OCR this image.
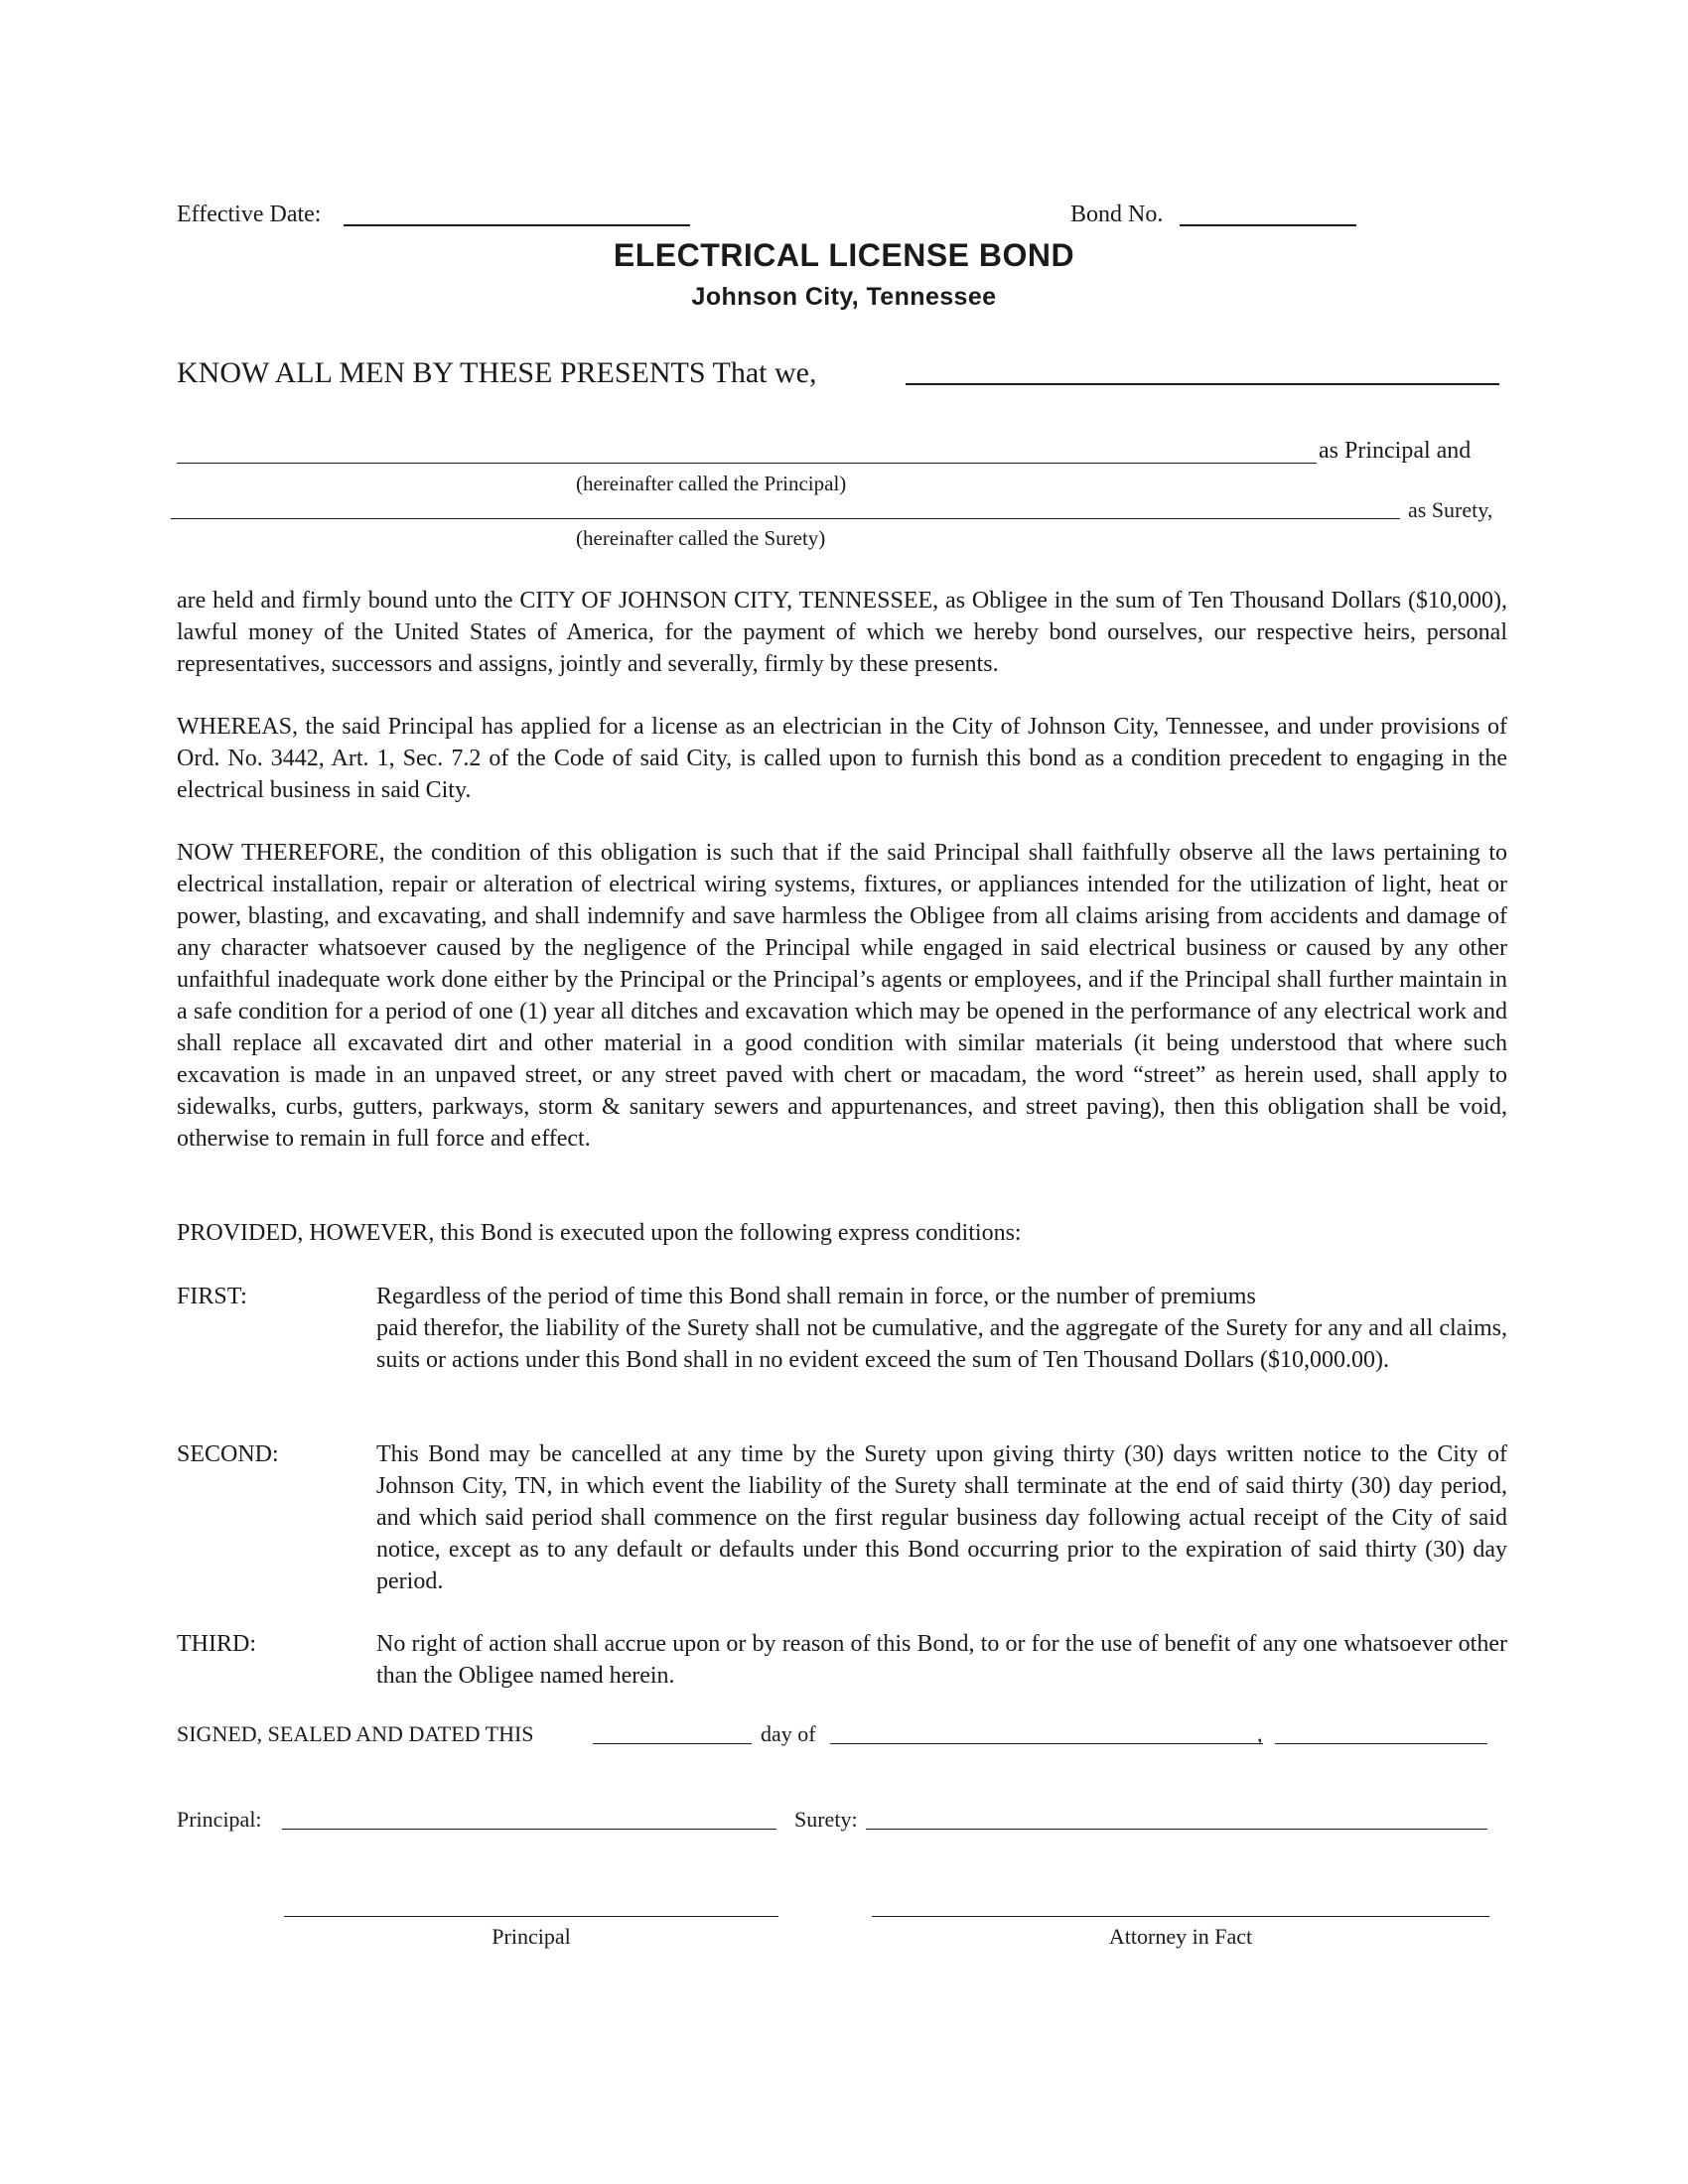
Effective Date:	Bond No.
ELECTRICAL LICENSE BOND
Johnson City, Tennessee
KNOW ALL MEN BY THESE PRESENTS That we,
as Principal and
(hereinafter called the Principal)
as Surety,
(hereinafter called the Surety)
are held and firmly bound unto the CITY OF JOHNSON CITY, TENNESSEE, as Obligee in the sum of Ten Thousand Dollars ($10,000), lawful money of the United States of America, for the payment of which we hereby bond ourselves, our respective heirs, personal representatives, successors and assigns, jointly and severally, firmly by these presents.
WHEREAS, the said Principal has applied for a license as an electrician in the City of Johnson City, Tennessee, and under provisions of Ord. No. 3442, Art. 1, Sec. 7.2 of the Code of said City, is called upon to furnish this bond as a condition precedent to engaging in the electrical business in said City.
NOW THEREFORE, the condition of this obligation is such that if the said Principal shall faithfully observe all the laws pertaining to electrical installation, repair or alteration of electrical wiring systems, fixtures, or appliances intended for the utilization of light, heat or power, blasting, and excavating, and shall indemnify and save harmless the Obligee from all claims arising from accidents and damage of any character whatsoever caused by the negligence of the Principal while engaged in said electrical business or caused by any other unfaithful inadequate work done either by the Principal or the Principal’s agents or employees, and if the Principal shall further maintain in a safe condition for a period of one (1) year all ditches and excavation which may be opened in the performance of any electrical work and shall replace all excavated dirt and other material in a good condition with similar materials (it being understood that where such excavation is made in an unpaved street, or any street paved with chert or macadam, the word “street” as herein used, shall apply to sidewalks, curbs, gutters, parkways, storm & sanitary sewers and appurtenances, and street paving), then this obligation shall be void, otherwise to remain in full force and effect.
PROVIDED, HOWEVER, this Bond is executed upon the following express conditions:
FIRST:	Regardless of the period of time this Bond shall remain in force, or the number of premiums
paid therefor, the liability of the Surety shall not be cumulative, and the aggregate of the Surety for any and all claims, suits or actions under this Bond shall in no evident exceed the sum of Ten Thousand Dollars ($10,000.00).
SECOND:	This Bond may be cancelled at any time by the Surety upon giving thirty (30) days written notice to the City of Johnson City, TN, in which event the liability of the Surety shall terminate at the end of said thirty (30) day period, and which said period shall commence on the first regular business day following actual receipt of the City of said notice, except as to any default or defaults under this Bond occurring prior to the expiration of said thirty (30) day period.
THIRD:	No right of action shall accrue upon or by reason of this Bond, to or for the use of benefit of any one whatsoever other than the Obligee named herein.
SIGNED, SEALED AND DATED THIS	day of	,
Principal:	Surety:
Principal	Attorney in Fact
